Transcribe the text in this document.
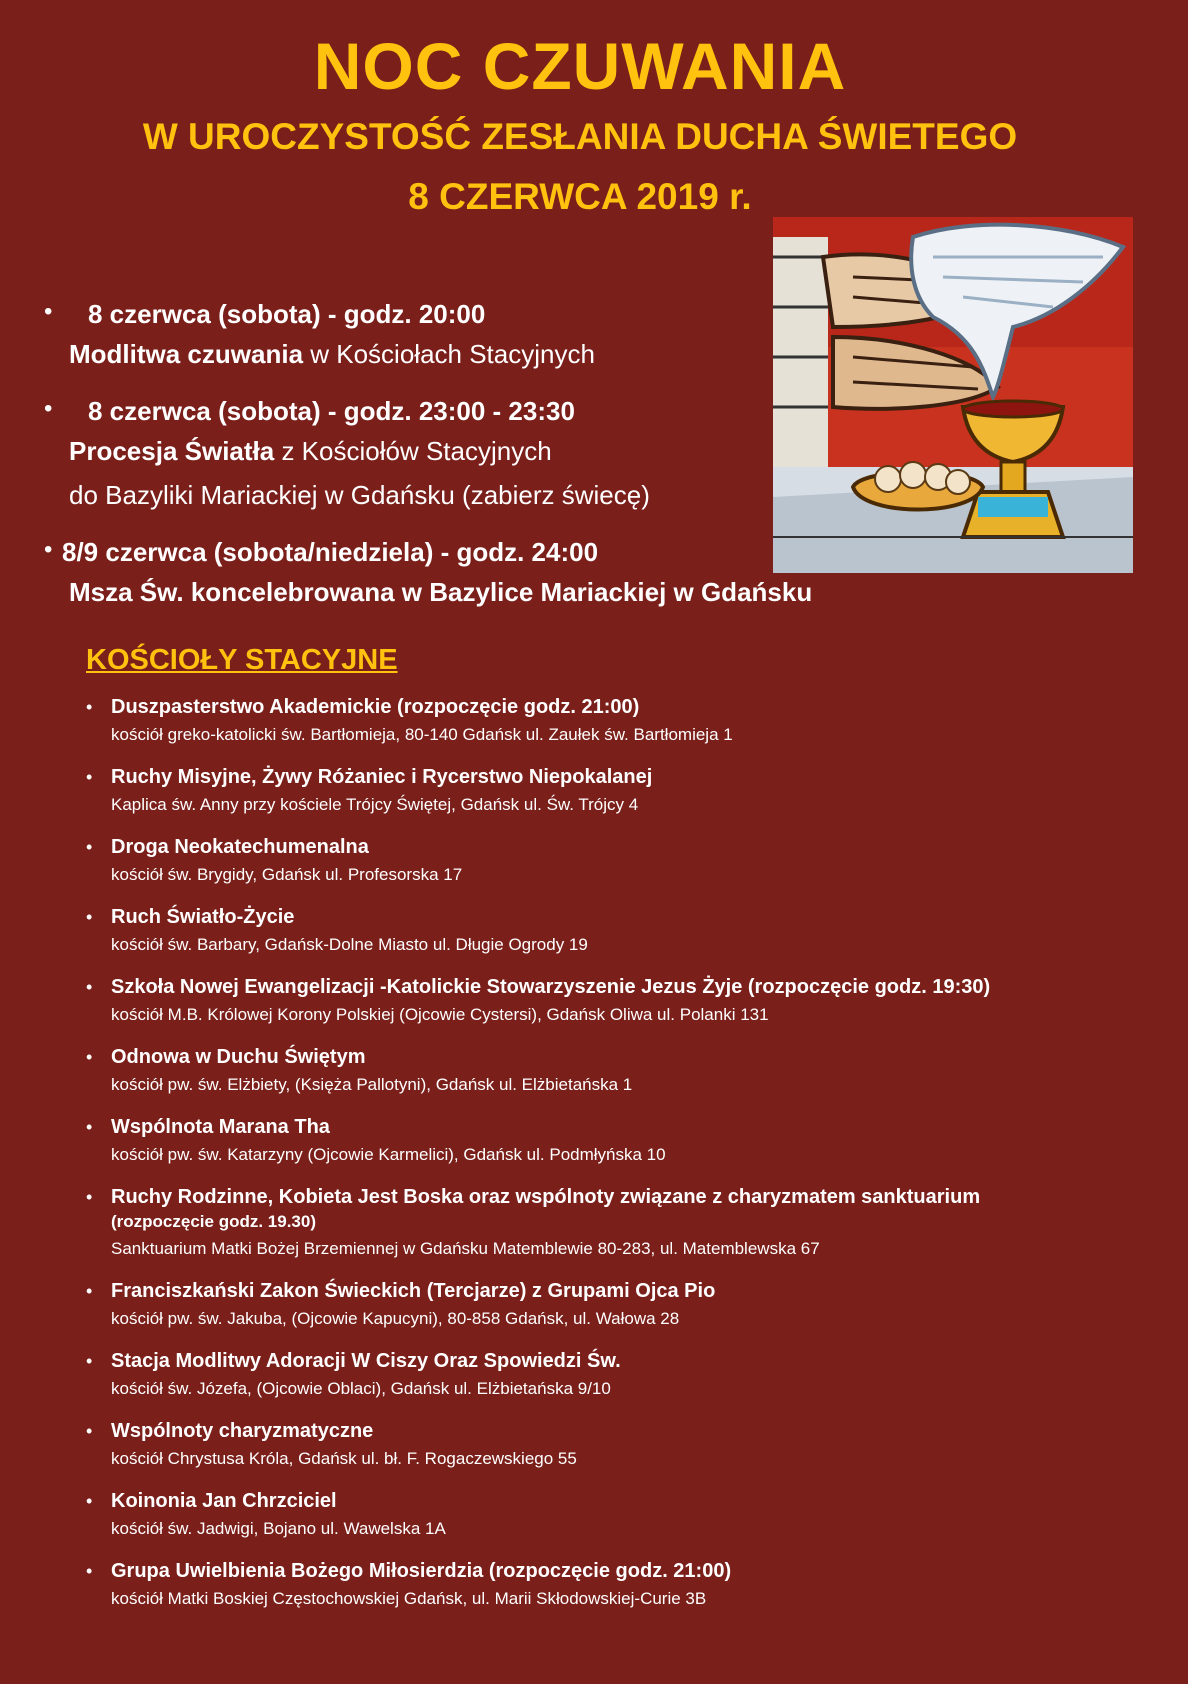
NOC CZUWANIA
W UROCZYSTOŚĆ ZESŁANIA DUCHA ŚWIETEGO
8 CZERWCA 2019 r.
•	8 czerwca (sobota) - godz. 20:00
Modlitwa czuwania w Kościołach Stacyjnych
•	8 czerwca (sobota) - godz. 23:00 - 23:30
Procesja Światła z Kościołów Stacyjnych
do Bazyliki Mariackiej w Gdańsku (zabierz świecę)
• 8/9 czerwca (sobota/niedziela) - godz. 24:00
Msza Św. koncelebrowana w Bazylice Mariackiej w Gdańsku
KOŚCIOŁY STACYJNE
• Duszpasterstwo Akademickie (rozpoczęcie godz. 21:00)
kościół greko-katolicki św. Bartłomieja, 80-140 Gdańsk ul. Zaułek św. Bartłomieja 1
• Ruchy Misyjne, Żywy Różaniec i Rycerstwo Niepokalanej
Kaplica św. Anny przy kościele Trójcy Świętej, Gdańsk ul. Św. Trójcy 4
• Droga Neokatechumenalna
kościół św. Brygidy, Gdańsk ul. Profesorska 17
• Ruch Światło-Życie
kościół św. Barbary, Gdańsk-Dolne Miasto ul. Długie Ogrody 19
• Szkoła Nowej Ewangelizacji -Katolickie Stowarzyszenie Jezus Żyje (rozpoczęcie godz. 19:30)
kościół M.B. Królowej Korony Polskiej (Ojcowie Cystersi), Gdańsk Oliwa ul. Polanki 131
• Odnowa w Duchu Świętym
kościół pw. św. Elżbiety, (Księża Pallotyni), Gdańsk ul. Elżbietańska 1
• Wspólnota Marana Tha
kościół pw. św. Katarzyny (Ojcowie Karmelici), Gdańsk ul. Podmłyńska 10
• Ruchy Rodzinne, Kobieta Jest Boska oraz wspólnoty związane z charyzmatem sanktuarium
(rozpoczęcie godz. 19.30)
Sanktuarium Matki Bożej Brzemiennej w Gdańsku Matemblewie 80-283, ul. Matemblewska 67
• Franciszkański Zakon Świeckich (Tercjarze) z Grupami Ojca Pio
kościół pw. św. Jakuba, (Ojcowie Kapucyni), 80-858 Gdańsk, ul. Wałowa 28
• Stacja Modlitwy Adoracji W Ciszy Oraz Spowiedzi Św.
kościół św. Józefa, (Ojcowie Oblaci), Gdańsk ul. Elżbietańska 9/10
• Wspólnoty charyzmatyczne
kościół Chrystusa Króla, Gdańsk ul. bł. F. Rogaczewskiego 55
• Koinonia Jan Chrzciciel
kościół św. Jadwigi, Bojano ul. Wawelska 1A
• Grupa Uwielbienia Bożego Miłosierdzia (rozpoczęcie godz. 21:00)
kościół Matki Boskiej Częstochowskiej Gdańsk, ul. Marii Skłodowskiej-Curie 3B
